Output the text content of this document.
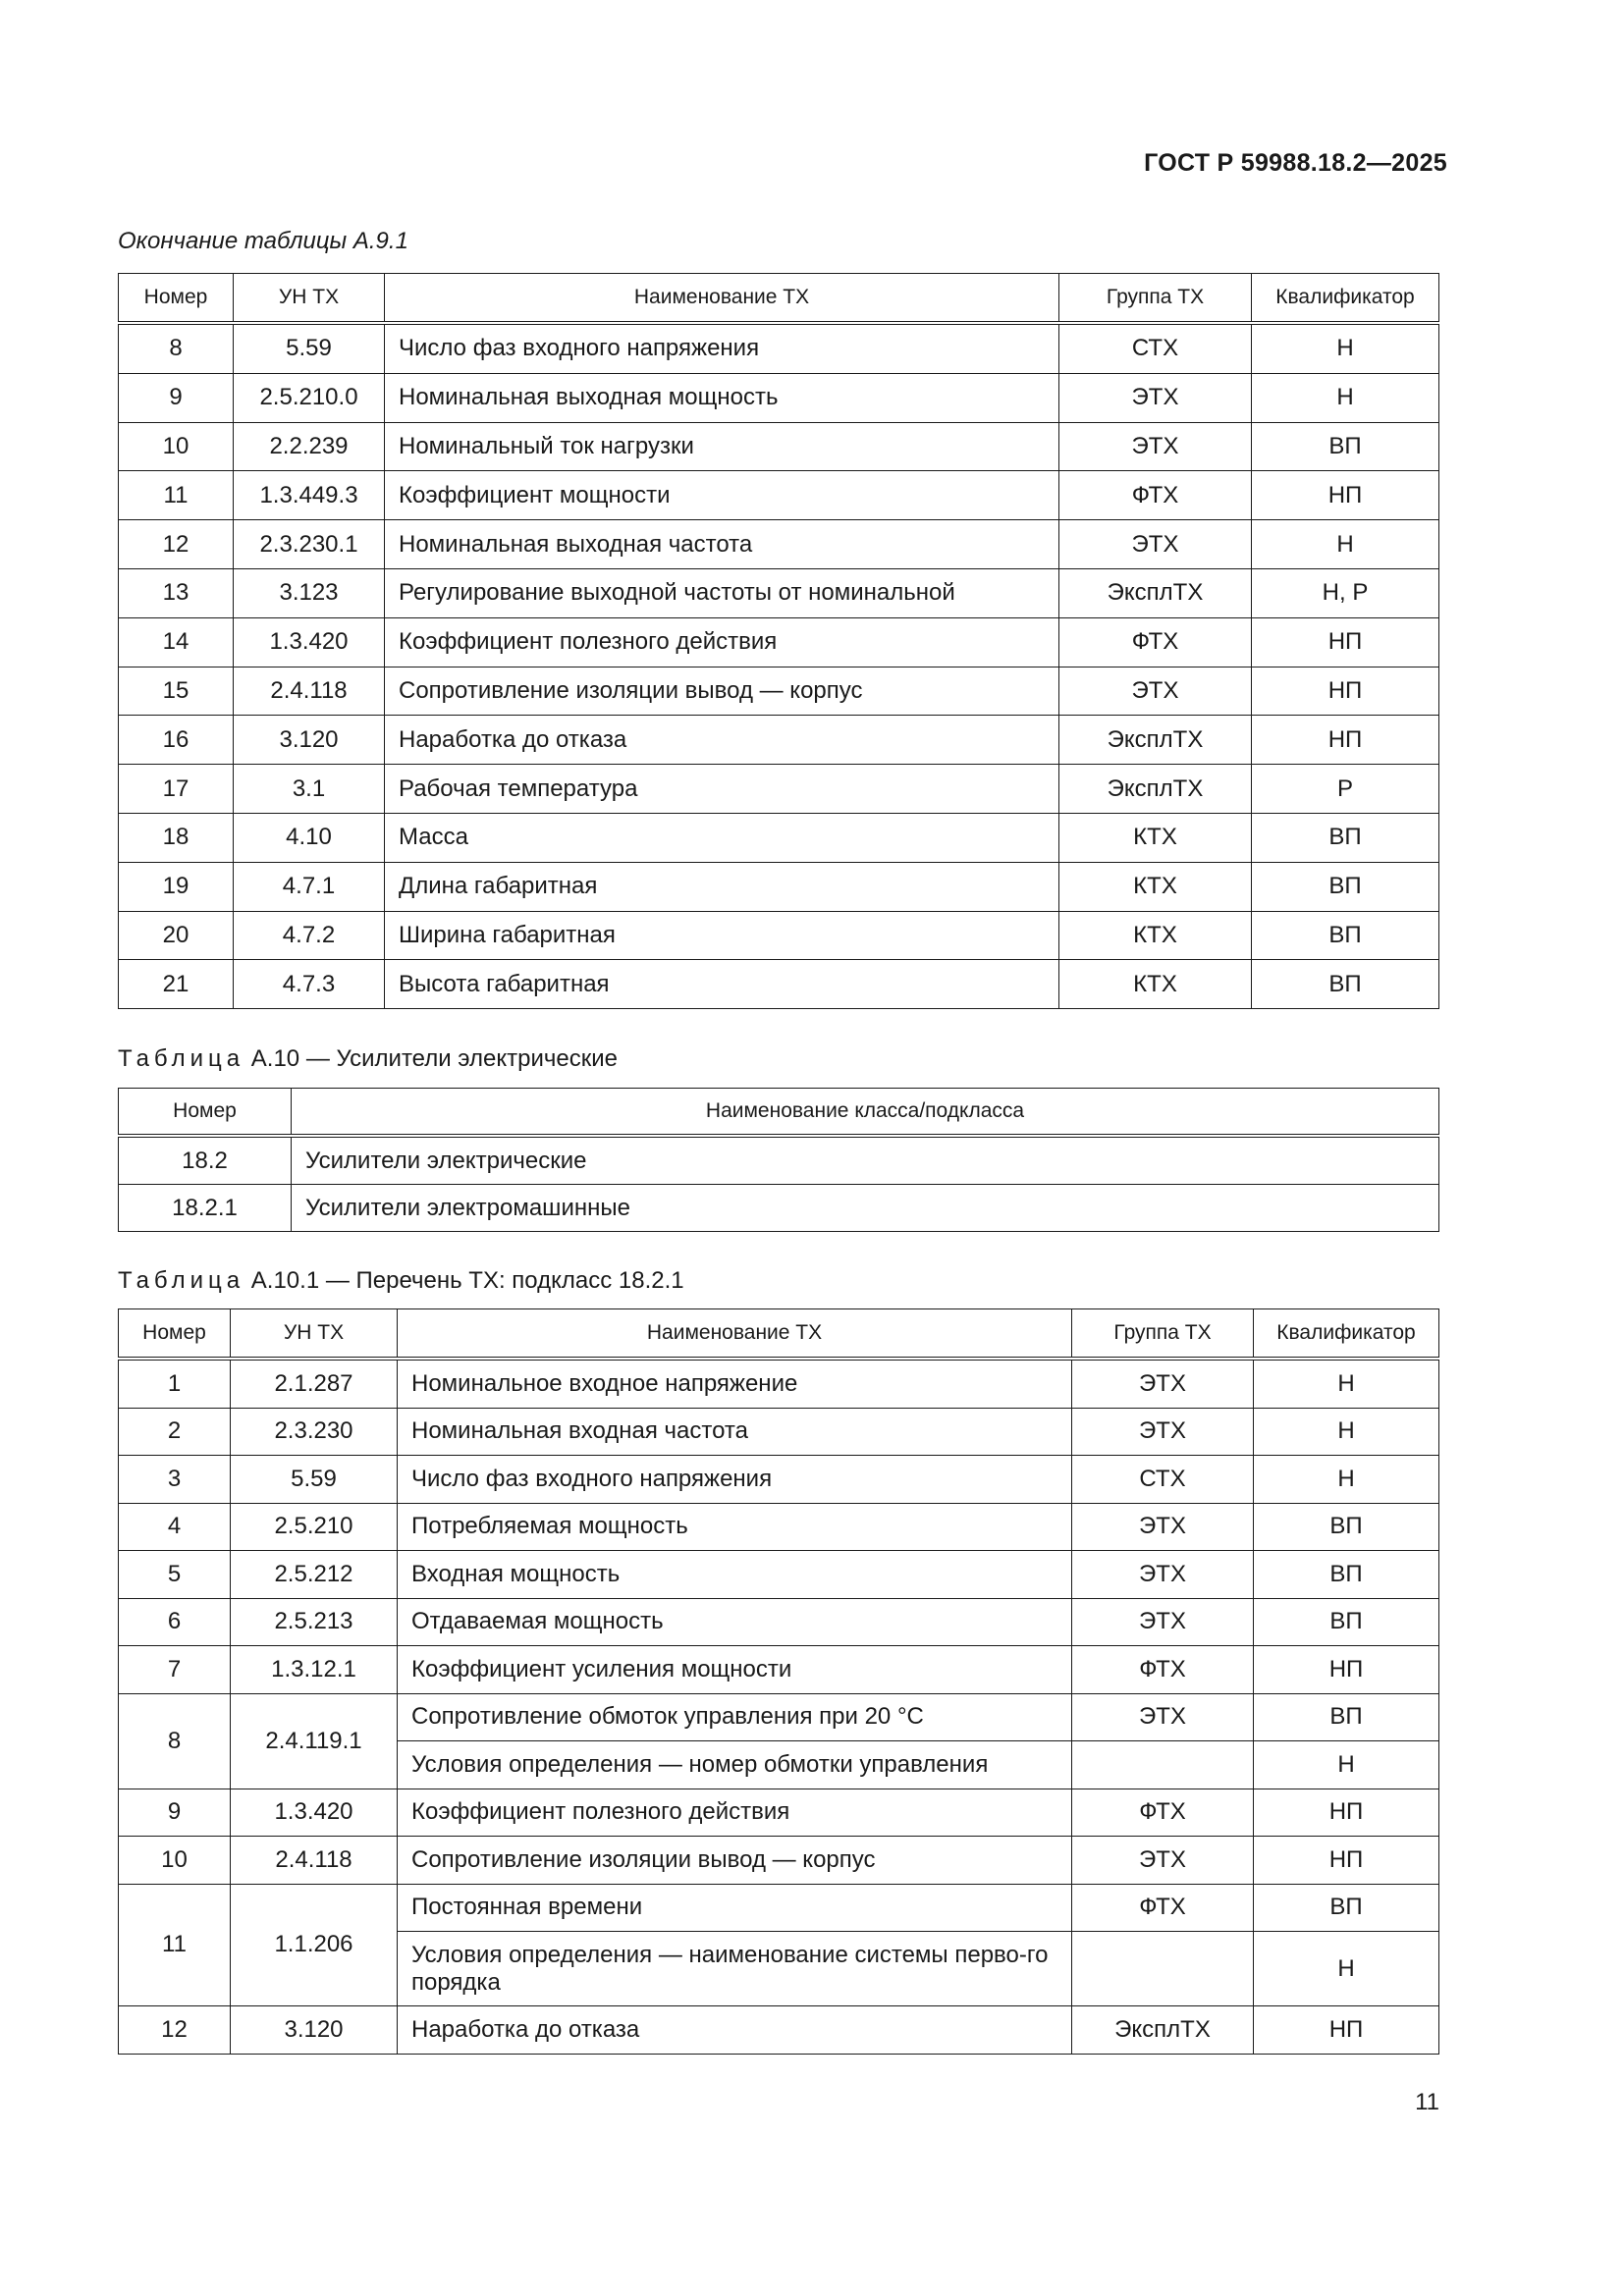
ГОСТ Р 59988.18.2—2025
Окончание таблицы А.9.1
Номер	УН ТХ	Наименование ТХ	Группа ТХ	Квалификатор
8	5.59	Число фаз входного напряжения	СТХ	Н
9	2.5.210.0	Номинальная выходная мощность	ЭТХ	Н
10	2.2.239	Номинальный ток нагрузки	ЭТХ	ВП
11	1.3.449.3	Коэффициент мощности	ФТХ	НП
12	2.3.230.1	Номинальная выходная частота	ЭТХ	Н
13	3.123	Регулирование выходной частоты от номинальной	ЭксплТХ	Н, Р
14	1.3.420	Коэффициент полезного действия	ФТХ	НП
15	2.4.118	Сопротивление изоляции вывод — корпус	ЭТХ	НП
16	3.120	Наработка до отказа	ЭксплТХ	НП
17	3.1	Рабочая температура	ЭксплТХ	Р
18	4.10	Масса	КТХ	ВП
19	4.7.1	Длина габаритная	КТХ	ВП
20	4.7.2	Ширина габаритная	КТХ	ВП
21	4.7.3	Высота габаритная	КТХ	ВП
Таблица А.10 — Усилители электрические
Номер	Наименование класса/подкласса
18.2	Усилители электрические
18.2.1	Усилители электромашинные
Таблица А.10.1 — Перечень ТХ: подкласс 18.2.1
Номер	УН ТХ	Наименование ТХ	Группа ТХ	Квалификатор
1	2.1.287	Номинальное входное напряжение	ЭТХ	Н
2	2.3.230	Номинальная входная частота	ЭТХ	Н
3	5.59	Число фаз входного напряжения	СТХ	Н
4	2.5.210	Потребляемая мощность	ЭТХ	ВП
5	2.5.212	Входная мощность	ЭТХ	ВП
6	2.5.213	Отдаваемая мощность	ЭТХ	ВП
7	1.3.12.1	Коэффициент усиления мощности	ФТХ	НП
8	2.4.119.1	Сопротивление обмоток управления при 20 °С	ЭТХ	ВП
		Условия определения — номер обмотки управления		Н
9	1.3.420	Коэффициент полезного действия	ФТХ	НП
10	2.4.118	Сопротивление изоляции вывод — корпус	ЭТХ	НП
11	1.1.206	Постоянная времени	ФТХ	ВП
		Условия определения — наименование системы перво-го порядка		Н
12	3.120	Наработка до отказа	ЭксплТХ	НП
11
